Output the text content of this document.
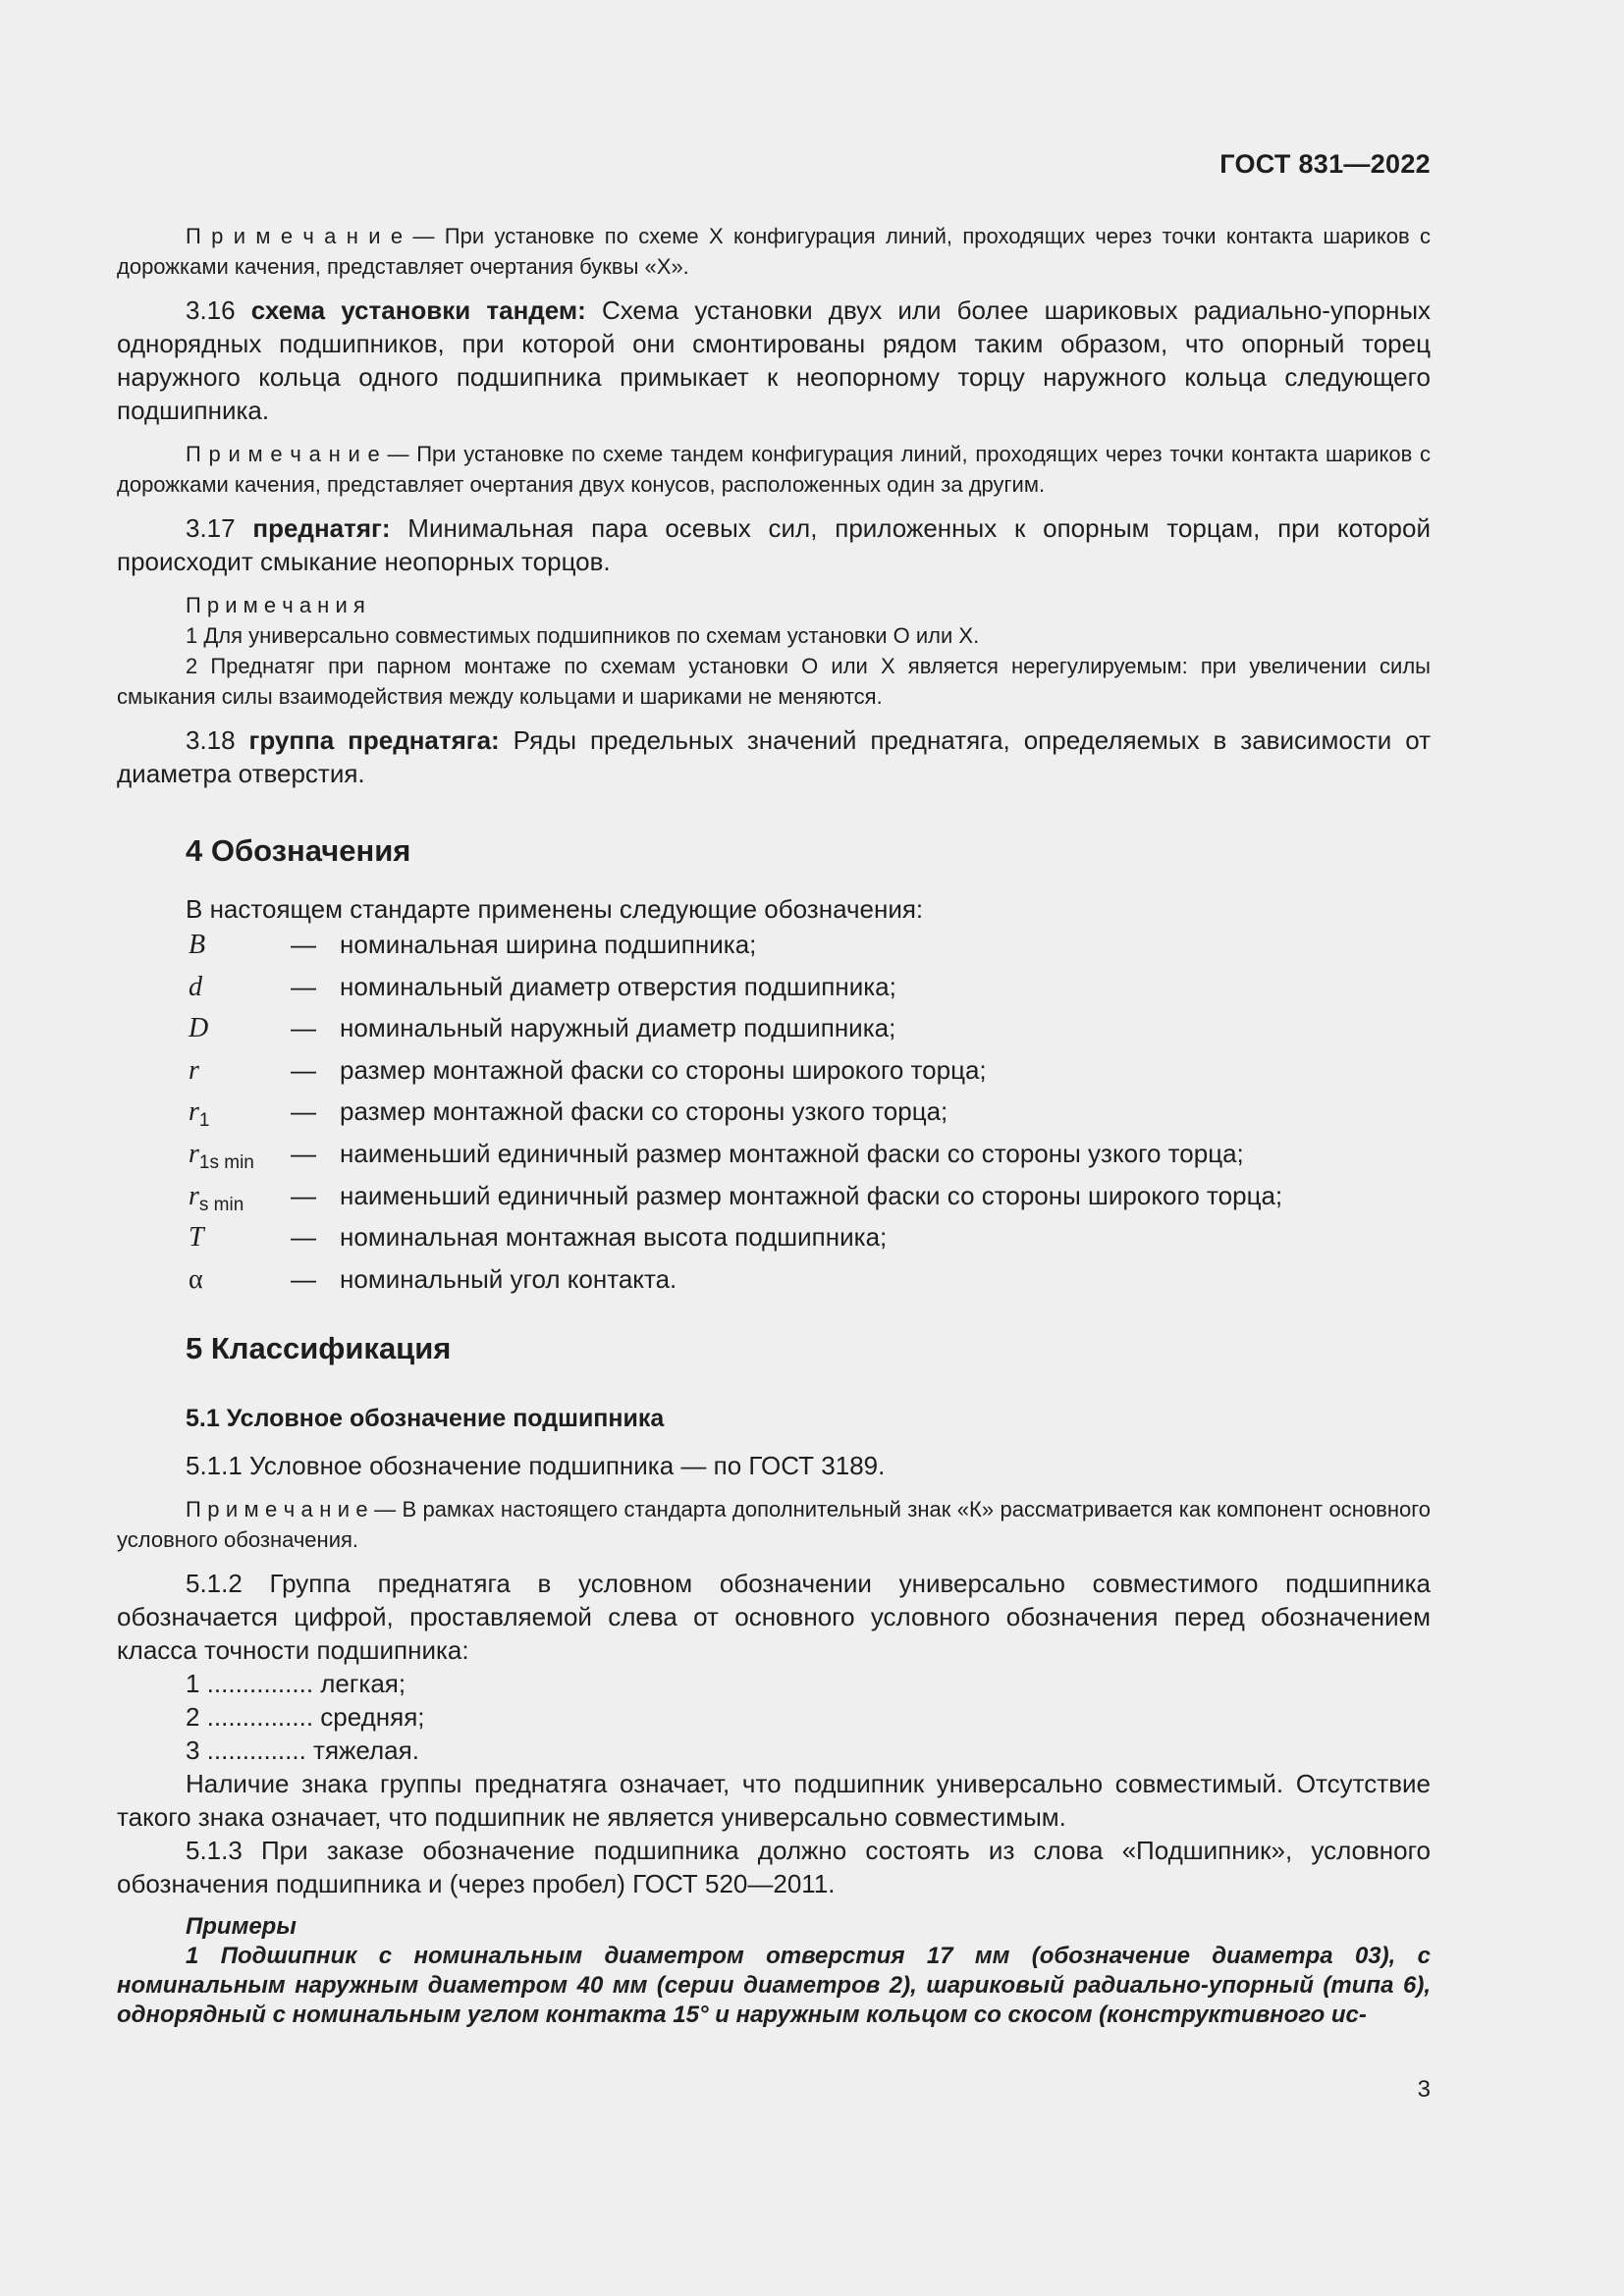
ГОСТ 831—2022

П р и м е ч а н и е — При установке по схеме X конфигурация линий, проходящих через точки контакта шариков с дорожками качения, представляет очертания буквы «X».

3.16 схема установки тандем: Схема установки двух или более шариковых радиально-упорных однорядных подшипников, при которой они смонтированы рядом таким образом, что опорный торец наружного кольца одного подшипника примыкает к неопорному торцу наружного кольца следующего подшипника.

П р и м е ч а н и е — При установке по схеме тандем конфигурация линий, проходящих через точки контакта шариков с дорожками качения, представляет очертания двух конусов, расположенных один за другим.

3.17 преднатяг: Минимальная пара осевых сил, приложенных к опорным торцам, при которой происходит смыкание неопорных торцов.

П р и м е ч а н и я

1 Для универсально совместимых подшипников по схемам установки O или X.

2 Преднатяг при парном монтаже по схемам установки O или X является нерегулируемым: при увеличении силы смыкания силы взаимодействия между кольцами и шариками не меняются.

3.18 группа преднатяга: Ряды предельных значений преднатяга, определяемых в зависимости от диаметра отверстия.

4 Обозначения

В настоящем стандарте применены следующие обозначения:

B	— номинальная ширина подшипника;
d	— номинальный диаметр отверстия подшипника;
D	— номинальный наружный диаметр подшипника;
r	— размер монтажной фаски со стороны широкого торца;
$r_1$	— размер монтажной фаски со стороны узкого торца;
$r_{1s min}$	— наименьший единичный размер монтажной фаски со стороны узкого торца;
$r_{s min}$	— наименьший единичный размер монтажной фаски со стороны широкого торца;
T	— номинальная монтажная высота подшипника;
α	— номинальный угол контакта.
5 Классификация
5.1 Условное обозначение подшипника

5.1.1 Условное обозначение подшипника — по ГОСТ 3189.

П р и м е ч а н и е — В рамках настоящего стандарта дополнительный знак «К» рассматривается как компонент основного условного обозначения.

5.1.2 Группа преднатяга в условном обозначении универсально совместимого подшипника обозначается цифрой, проставляемой слева от основного условного обозначения перед обозначением класса точности подшипника:

1 ............... легкая;

2 ............... средняя;

3 .............. тяжелая.

Наличие знака группы преднатяга означает, что подшипник универсально совместимый. Отсутствие такого знака означает, что подшипник не является универсально совместимым.

5.1.3 При заказе обозначение подшипника должно состоять из слова «Подшипник», условного обозначения подшипника и (через пробел) ГОСТ 520—2011.

Примеры

1 Подшипник с номинальным диаметром отверстия 17 мм (обозначение диаметра 03), с номинальным наружным диаметром 40 мм (серии диаметров 2), шариковый радиально-упорный (типа 6), однорядный с номинальным углом контакта 15° и наружным кольцом со скосом (конструктивного ис-

3
